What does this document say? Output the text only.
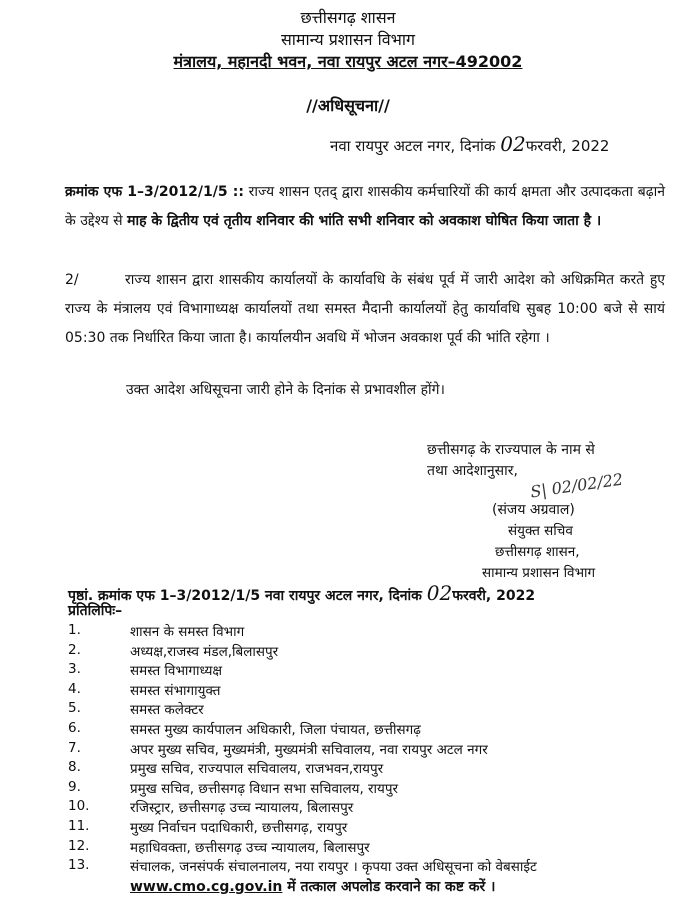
छत्तीसगढ़ शासन
सामान्य प्रशासन विभाग
मंत्रालय, महानदी भवन, नवा रायपुर अटल नगर–492002
//अधिसूचना//
नवा रायपुर अटल नगर, दिनांक 02फरवरी, 2022
क्रमांक एफ 1–3/2012/1/5 :: राज्य शासन एतद् द्वारा शासकीय कर्मचारियों की कार्य क्षमता और उत्पादकता बढ़ाने के उद्देश्य से माह के द्वितीय एवं तृतीय शनिवार की भांति सभी शनिवार को अवकाश घोषित किया जाता है ।
2/	राज्य शासन द्वारा शासकीय कार्यालयों के कार्यावधि के संबंध पूर्व में जारी आदेश को अधिक्रमित करते हुए राज्य के मंत्रालय एवं विभागाध्यक्ष कार्यालयों तथा समस्त मैदानी कार्यालयों हेतु कार्यावधि सुबह 10:00 बजे से सायं 05:30 तक निर्धारित किया जाता है। कार्यालयीन अवधि में भोजन अवकाश पूर्व की भांति रहेगा ।
उक्त आदेश अधिसूचना जारी होने के दिनांक से प्रभावशील होंगे।
छत्तीसगढ़ के राज्यपाल के नाम से
तथा आदेशानुसार, S| 02/02/22
(संजय अग्रवाल)
संयुक्त सचिव
छत्तीसगढ़ शासन,
सामान्य प्रशासन विभाग
पृष्ठां. क्रमांक एफ 1–3/2012/1/5 नवा रायपुर अटल नगर, दिनांक 02फरवरी, 2022
प्रतिलिपिः–
1.	शासन के समस्त विभाग
2.	अध्यक्ष,राजस्व मंडल,बिलासपुर
3.	समस्त विभागाध्यक्ष
4.	समस्त संभागायुक्त
5.	समस्त कलेक्टर
6.	समस्त मुख्य कार्यपालन अधिकारी, जिला पंचायत, छत्तीसगढ़
7.	अपर मुख्य सचिव, मुख्यमंत्री, मुख्यमंत्री सचिवालय, नवा रायपुर अटल नगर
8.	प्रमुख सचिव, राज्यपाल सचिवालय, राजभवन,रायपुर
9.	प्रमुख सचिव, छत्तीसगढ़ विधान सभा सचिवालय, रायपुर
10.	रजिस्ट्रार, छत्तीसगढ़ उच्च न्यायालय, बिलासपुर
11.	मुख्य निर्वाचन पदाधिकारी, छत्तीसगढ़, रायपुर
12.	महाधिवक्ता, छत्तीसगढ़ उच्च न्यायालय, बिलासपुर
13.	संचालक, जनसंपर्क संचालनालय, नया रायपुर । कृपया उक्त अधिसूचना को वेबसाईट
www.cmo.cg.gov.in में तत्काल अपलोड करवाने का कष्ट करें ।
